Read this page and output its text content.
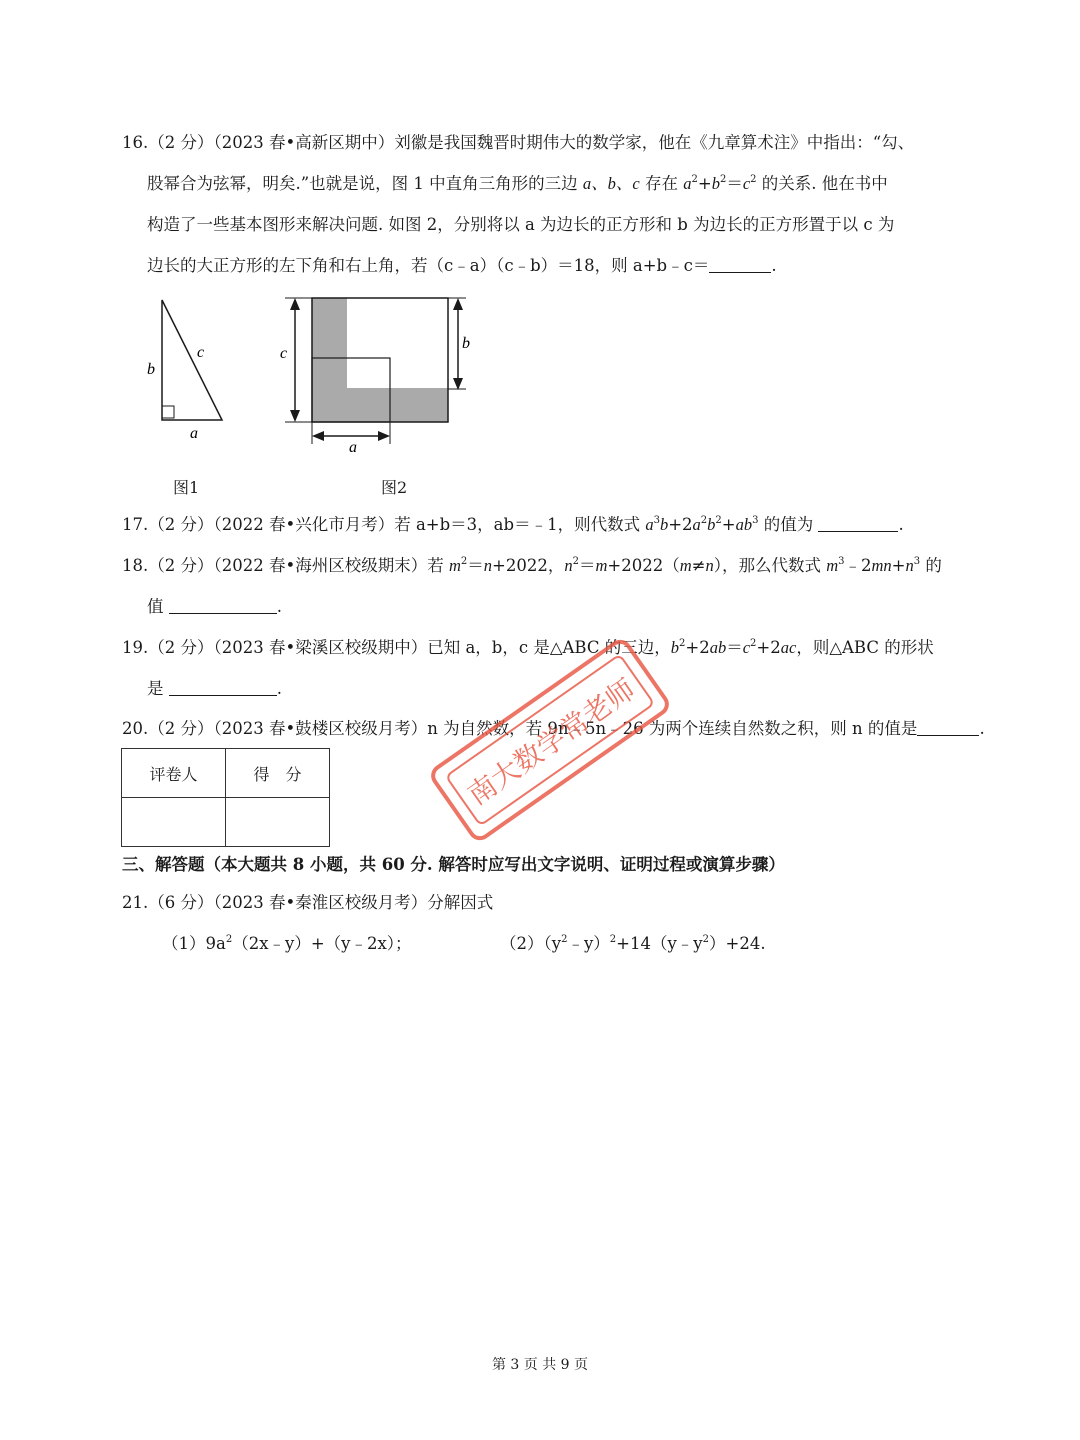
16.（2 分）（2023 春•高新区期中）刘徽是我国魏晋时期伟大的数学家，他在《九章算术注》中指出：“勾、
股幂合为弦幂，明矣.”也就是说，图 1 中直角三角形的三边 a、b、c 存在 $a^2+b^2=c^2$ 的关系. 他在书中
构造了一些基本图形来解决问题. 如图 2，分别将以 a 为边长的正方形和 b 为边长的正方形置于以 c 为
边长的大正方形的左下角和右上角，若（c﹣a）（c﹣b）＝18，则 a+b﹣c＝	.
b
c
a
图1
c
b
a
图2
17.（2 分）（2022 春•兴化市月考）若 a+b＝3，ab＝﹣1，则代数式 $a^3b+2a^2b^2+ab^3$ 的值为	.
18.（2 分）（2022 春•海州区校级期末）若 $m^2=n+2022$，$n^2=m+2022(m\ne n)$，那么代数式 $m^3﹣2mn+n^3$ 的
值	.
19.（2 分）（2023 春•梁溪区校级期中）已知 a，b，c 是△ABC 的三边，$b^2+2ab=c^2+2ac$，则△ABC 的形状
是	.
20.（2 分）（2023 春•鼓楼区校级月考）n 为自然数，若 9n﹣5n﹣26 为两个连续自然数之积，则 n 的值是	.
评卷人	得　分

三、解答题（本大题共 8 小题，共 60 分. 解答时应写出文字说明、证明过程或演算步骤）
21.（6 分）（2023 春•秦淮区校级月考）分解因式
$(1)9a^2(2x﹣y)+(y﹣2x)$；	$(2)(y^2﹣y)^2+14(y﹣y^2)+24$.
南大数学常老师
第 3 页 共 9 页
